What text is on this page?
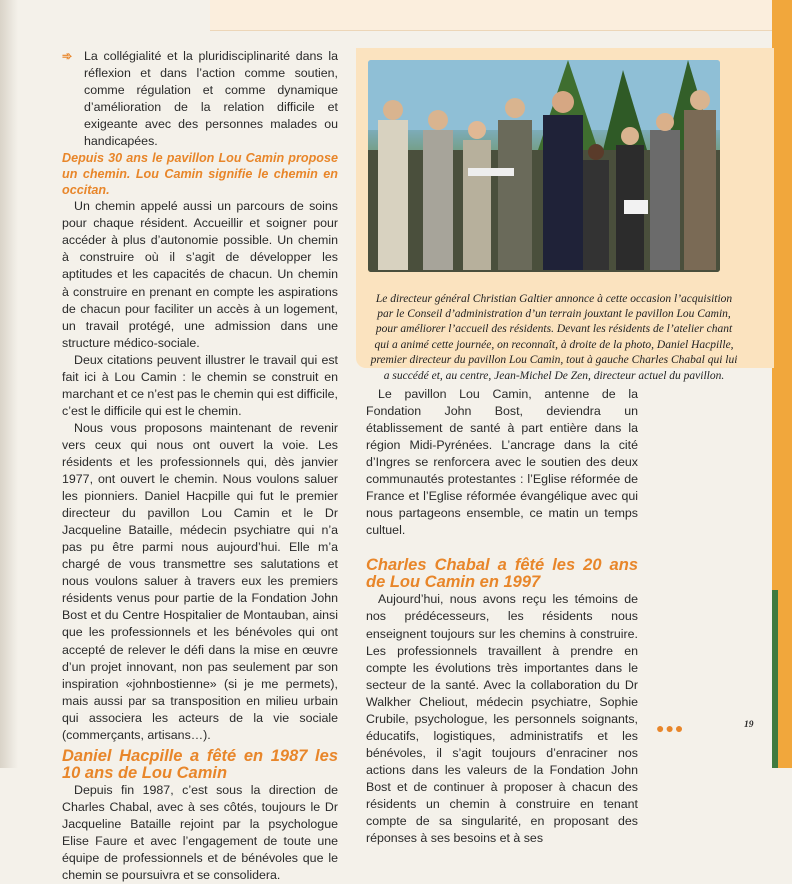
➾ La collégialité et la pluridisciplinarité dans la réflexion et dans l’action comme soutien, comme régulation et comme dynamique d’amélioration de la relation difficile et exigeante avec des personnes malades ou handicapées.

Depuis 30 ans le pavillon Lou Camin propose un chemin. Lou Camin signifie le chemin en occitan.

Un chemin appelé aussi un parcours de soins pour chaque résident. Accueillir et soigner pour accéder à plus d’autonomie possible. Un chemin à construire où il s’agit de développer les aptitudes et les capacités de chacun. Un chemin à construire en prenant en compte les aspirations de chacun pour faciliter un accès à un logement, un travail protégé, une admission dans une structure médico-sociale.

Deux citations peuvent illustrer le travail qui est fait ici à Lou Camin : le chemin se construit en marchant et ce n’est pas le chemin qui est difficile, c’est le difficile qui est le chemin.

Nous vous proposons maintenant de revenir vers ceux qui nous ont ouvert la voie. Les résidents et les professionnels qui, dès janvier 1977, ont ouvert le chemin. Nous voulons saluer les pionniers. Daniel Hacpille qui fut le premier directeur du pavillon Lou Camin et le Dr Jacqueline Bataille, médecin psychiatre qui n’a pas pu être parmi nous aujourd’hui. Elle m’a chargé de vous transmettre ses salutations et nous voulons saluer à travers eux les premiers résidents venus pour partie de la Fondation John Bost et du Centre Hospitalier de Montauban, ainsi que les professionnels et les bénévoles qui ont accepté de relever le défi dans la mise en œuvre d’un projet innovant, non pas seulement par son inspiration «johnbostienne» (si je me permets), mais aussi par sa transposition en milieu urbain qui associera les acteurs de la vie sociale (commerçants, artisans…).

Daniel Hacpille a fêté en 1987 les 10 ans de Lou Camin

Depuis fin 1987, c’est sous la direction de Charles Chabal, avec à ses côtés, toujours le Dr Jacqueline Bataille rejoint par la psychologue Elise Faure et avec l’engagement de toute une équipe de professionnels et de bénévoles que le chemin se poursuivra et se consolidera.

Le directeur général Christian Galtier annonce à cette occasion l’acquisition par le Conseil d’administration d’un terrain jouxtant le pavillon Lou Camin, pour améliorer l’accueil des résidents. Devant les résidents de l’atelier chant qui a animé cette journée, on reconnaît, à droite de la photo, Daniel Hacpille, premier directeur du pavillon Lou Camin, tout à gauche Charles Chabal qui lui a succédé et, au centre, Jean-Michel De Zen, directeur actuel du pavillon.

Le pavillon Lou Camin, antenne de la Fondation John Bost, deviendra un établissement de santé à part entière dans la région Midi-Pyrénées. L’ancrage dans la cité d’Ingres se renforcera avec le soutien des deux communautés protestantes : l’Eglise réformée de France et l’Eglise réformée évangélique avec qui nous partageons ensemble, ce matin un temps cultuel.

Charles Chabal a fêté les 20 ans de Lou Camin en 1997

Aujourd’hui, nous avons reçu les témoins de nos prédécesseurs, les résidents nous enseignent toujours sur les chemins à construire. Les professionnels travaillent à prendre en compte les évolutions très importantes dans le secteur de la santé. Avec la collaboration du Dr Walkher Cheliout, médecin psychiatre, Sophie Crubile, psychologue, les personnels soignants, éducatifs, logistiques, administratifs et les bénévoles, il s’agit toujours d’enraciner nos actions dans les valeurs de la Fondation John Bost et de continuer à proposer à chacun des résidents un chemin à construire en tenant compte de sa singularité, en proposant des réponses à ses besoins et à ses

●●●	19
